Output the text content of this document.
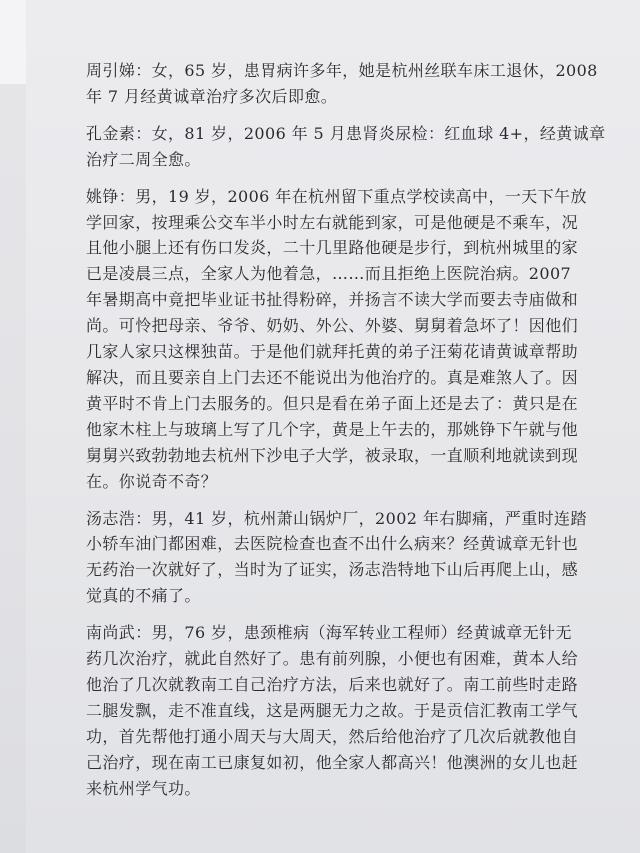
周引娣：女，65 岁，患胃病许多年，她是杭州丝联车床工退休，2008
年 7 月经黄诚章治疗多次后即愈。
孔金素：女，81 岁，2006 年 5 月患肾炎尿检：红血球 4+，经黄诚章
治疗二周全愈。
姚铮：男，19 岁，2006 年在杭州留下重点学校读高中，一天下午放
学回家，按理乘公交车半小时左右就能到家，可是他硬是不乘车，况
且他小腿上还有伤口发炎，二十几里路他硬是步行，到杭州城里的家
已是凌晨三点，全家人为他着急，……而且拒绝上医院治病。2007
年暑期高中竟把毕业证书扯得粉碎，并扬言不读大学而要去寺庙做和
尚。可怜把母亲、爷爷、奶奶、外公、外婆、舅舅着急坏了！因他们
几家人家只这棵独苗。于是他们就拜托黄的弟子汪菊花请黄诚章帮助
解决，而且要亲自上门去还不能说出为他治疗的。真是难煞人了。因
黄平时不肯上门去服务的。但只是看在弟子面上还是去了：黄只是在
他家木柱上与玻璃上写了几个字，黄是上午去的，那姚铮下午就与他
舅舅兴致勃勃地去杭州下沙电子大学，被录取，一直顺利地就读到现
在。你说奇不奇？
汤志浩：男，41 岁，杭州萧山锅炉厂，2002 年右脚痛，严重时连踏
小轿车油门都困难，去医院检查也查不出什么病来？经黄诚章无针也
无药治一次就好了，当时为了证实，汤志浩特地下山后再爬上山，感
觉真的不痛了。
南尚武：男，76 岁，患颈椎病（海军转业工程师）经黄诚章无针无
药几次治疗，就此自然好了。患有前列腺，小便也有困难，黄本人给
他治了几次就教南工自己治疗方法，后来也就好了。南工前些时走路
二腿发飘，走不准直线，这是两腿无力之故。于是贡信汇教南工学气
功，首先帮他打通小周天与大周天，然后给他治疗了几次后就教他自
己治疗，现在南工已康复如初，他全家人都高兴！他澳洲的女儿也赶
来杭州学气功。
